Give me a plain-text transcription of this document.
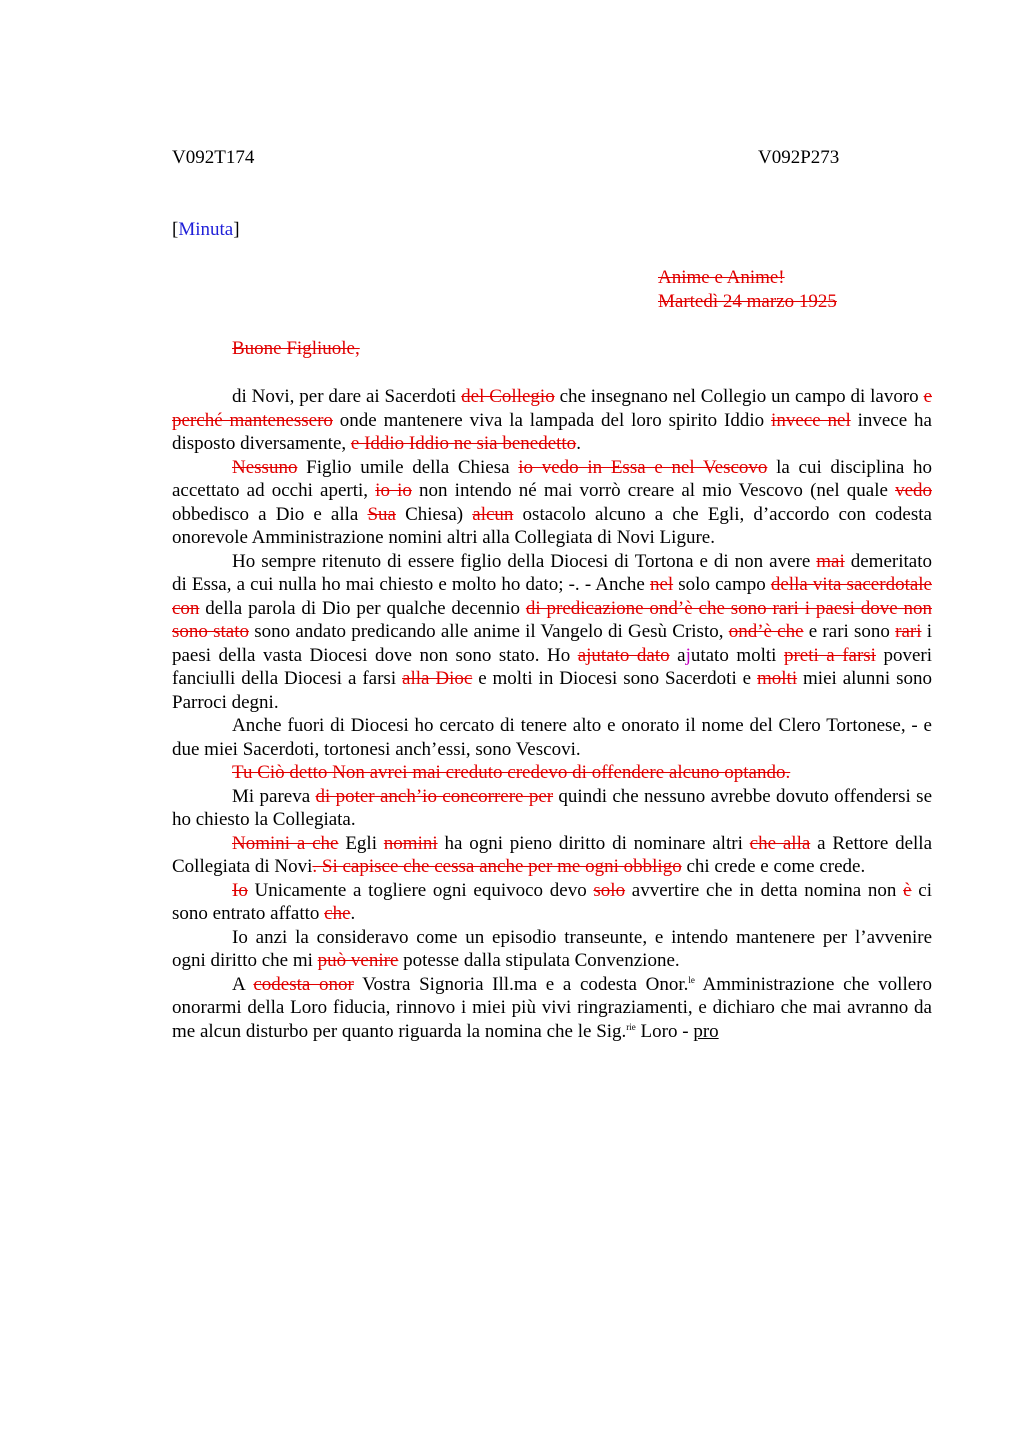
V092T174	V092P273
[Minuta]
Anime e Anime!
Martedì 24 marzo 1925
Buone Figliuole,

di Novi, per dare ai Sacerdoti del Collegio che insegnano nel Collegio un campo di lavoro e perché mantenessero onde mantenere viva la lampada del loro spirito Iddio invece nel invece ha disposto diversamente, e Iddio Iddio ne sia benedetto.

Nessuno Figlio umile della Chiesa io vedo in Essa e nel Vescovo la cui disciplina ho accettato ad occhi aperti, io io non intendo né mai vorrò creare al mio Vescovo (nel quale vedo obbedisco a Dio e alla Sua Chiesa) alcun ostacolo alcuno a che Egli, d’accordo con codesta onorevole Amministrazione nomini altri alla Collegiata di Novi Ligure.

Ho sempre ritenuto di essere figlio della Diocesi di Tortona e di non avere mai demeritato di Essa, a cui nulla ho mai chiesto e molto ho dato; -. - Anche nel solo campo della vita sacerdotale con della parola di Dio per qualche decennio di predicazione ond’è che sono rari i paesi dove non sono stato sono andato predicando alle anime il Vangelo di Gesù Cristo, ond’è che e rari sono rari i paesi della vasta Diocesi dove non sono stato. Ho ajutato dato ajutato molti preti a farsi poveri fanciulli della Diocesi a farsi alla Dioc e molti in Diocesi sono Sacerdoti e molti miei alunni sono Parroci degni.

Anche fuori di Diocesi ho cercato di tenere alto e onorato il nome del Clero Tortonese, - e due miei Sacerdoti, tortonesi anch’essi, sono Vescovi.

Tu Ciò detto Non avrei mai creduto credevo di offendere alcuno optando.

Mi pareva di poter anch’io concorrere per quindi che nessuno avrebbe dovuto offendersi se ho chiesto la Collegiata.

Nomini a che Egli nomini ha ogni pieno diritto di nominare altri che alla a Rettore della Collegiata di Novi. Si capisce che cessa anche per me ogni obbligo chi crede e come crede.

Io Unicamente a togliere ogni equivoco devo solo avvertire che in detta nomina non è ci sono entrato affatto che.

Io anzi la consideravo come un episodio transeunte, e intendo mantenere per l’avvenire ogni diritto che mi può venire potesse dalla stipulata Convenzione.

A codesta onor Vostra Signoria Ill.ma e a codesta Onor.$^{le}$ Amministrazione che vollero onorarmi della Loro fiducia, rinnovo i miei più vivi ringraziamenti, e dichiaro che mai avranno da me alcun disturbo per quanto riguarda la nomina che le Sig.$^{rie}$ Loro - pro
